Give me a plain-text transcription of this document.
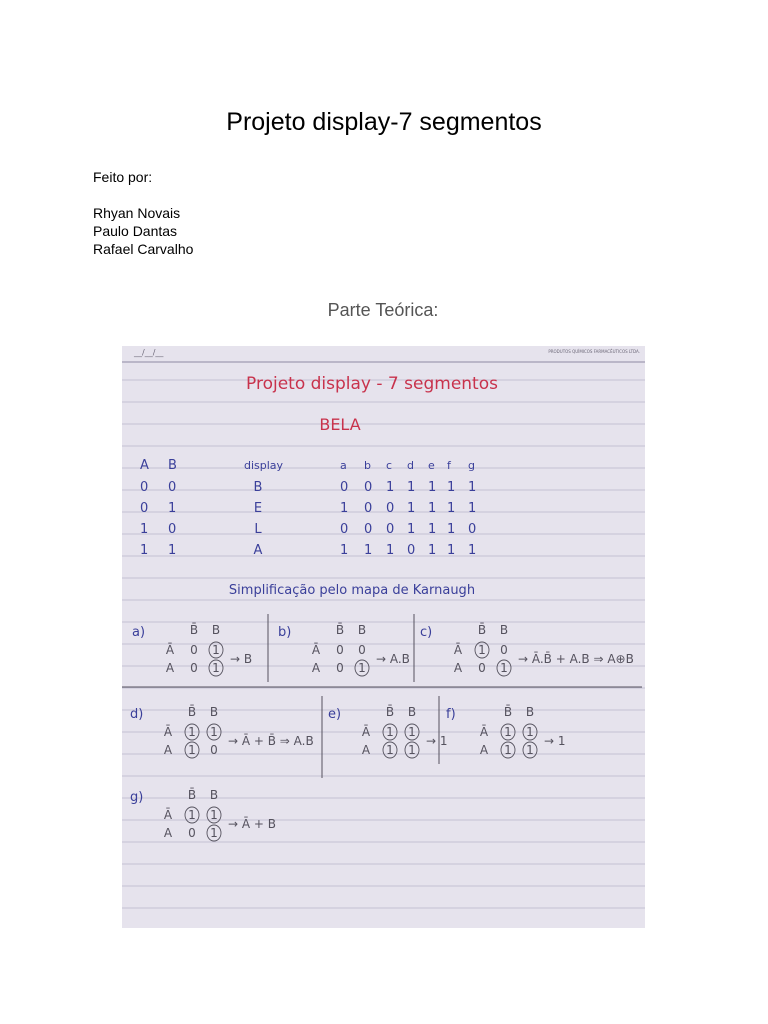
Projeto display-7 segmentos
Feito por:
Rhyan Novais
Paulo Dantas
Rafael Carvalho
Parte Teórica:
__/__/__	PRODUTOS QUÍMICOS FARMACÊUTICOS LTDA.
Projeto display - 7 segmentos
BELA
A B	display	a b c d e f g
0 0	B	0 0 1 1 1 1 1
0 1	E	1 0 0 1 1 1 1
1 0	L	0 0 0 1 1 1 0
1 1	A	1 1 1 0 1 1 1
Simplificação pelo mapa de Karnaugh
a)	B̄ B
Ā 0 1
A 0 1
→ B
b)	B̄ B
Ā 0 0
A 0 1
→ A.B
c)	B̄ B
Ā 1 0
A 0 1
→ Ā.B̄ + A.B ⇒ A⊕B
d)	B̄ B
Ā 1 1
A 1 0
→ Ā + B̄ ⇒ A.B
e)	B̄ B
Ā 1 1
A 1 1
→ 1
f)	B̄ B
Ā 1 1
A 1 1
→ 1
g)	B̄ B
Ā 1 1
A 0 1
→ Ā + B
